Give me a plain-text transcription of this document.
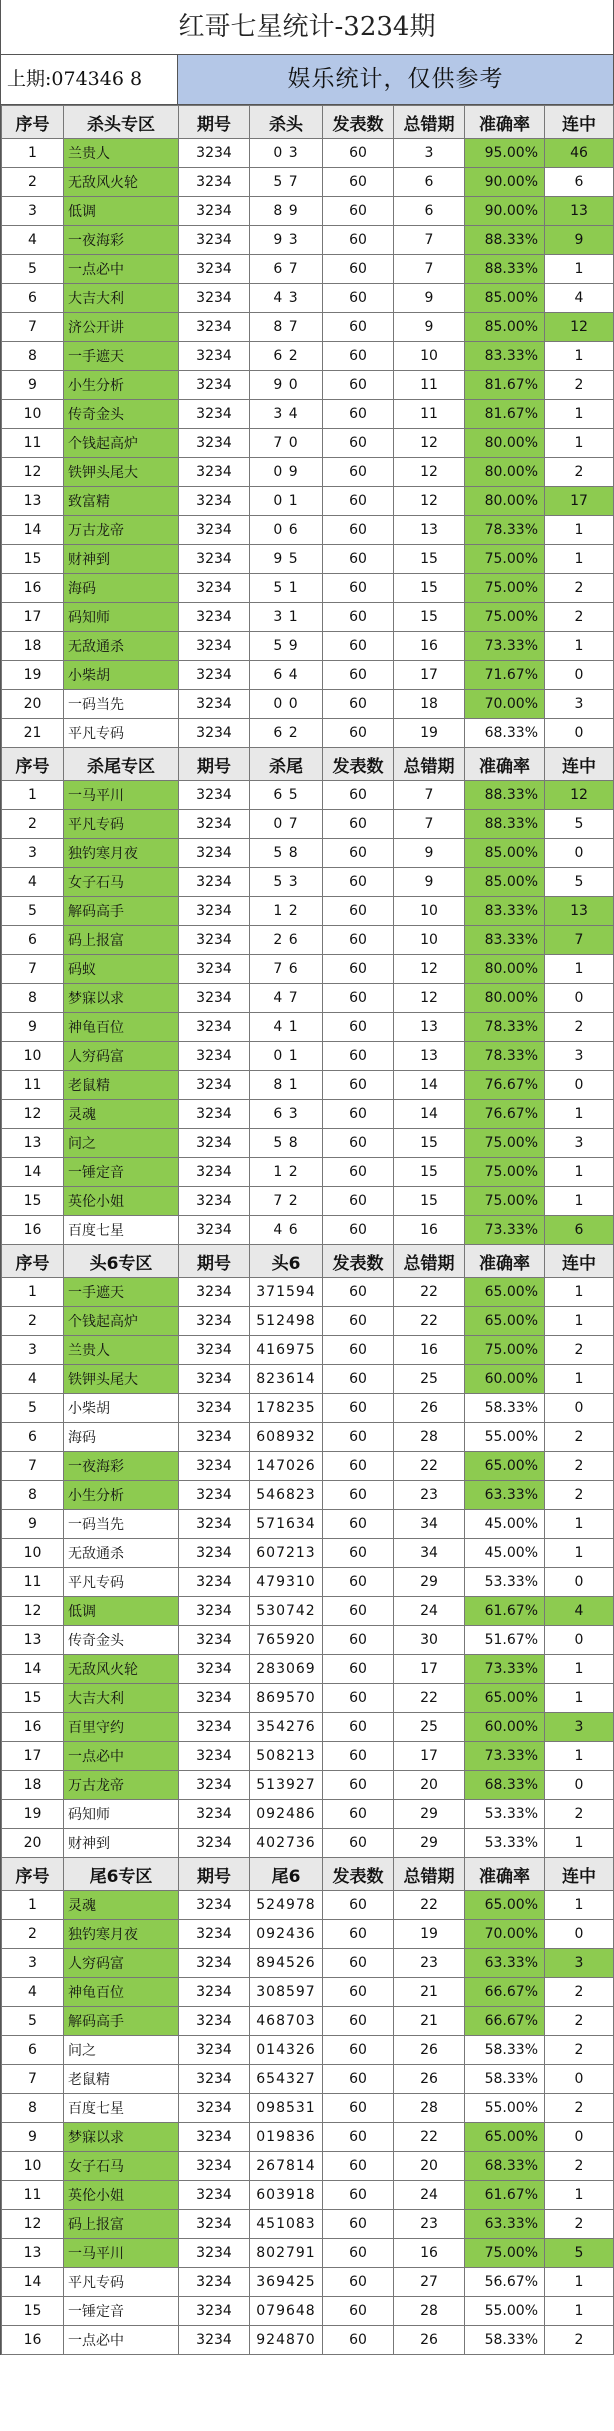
红哥七星统计-3234期
上期:074346 8	娱乐统计，仅供参考
序号	杀头专区	期号	杀头	发表数	总错期	准确率	连中
1	兰贵人	3234	0 3	60	3	95.00%	46
2	无敌风火轮	3234	5 7	60	6	90.00%	6
3	低调	3234	8 9	60	6	90.00%	13
4	一夜海彩	3234	9 3	60	7	88.33%	9
5	一点必中	3234	6 7	60	7	88.33%	1
6	大吉大利	3234	4 3	60	9	85.00%	4
7	济公开讲	3234	8 7	60	9	85.00%	12
8	一手遮天	3234	6 2	60	10	83.33%	1
9	小生分析	3234	9 0	60	11	81.67%	2
10	传奇金头	3234	3 4	60	11	81.67%	1
11	个钱起高炉	3234	7 0	60	12	80.00%	1
12	铁钾头尾大	3234	0 9	60	12	80.00%	2
13	致富精	3234	0 1	60	12	80.00%	17
14	万古龙帝	3234	0 6	60	13	78.33%	1
15	财神到	3234	9 5	60	15	75.00%	1
16	海码	3234	5 1	60	15	75.00%	2
17	码知师	3234	3 1	60	15	75.00%	2
18	无敌通杀	3234	5 9	60	16	73.33%	1
19	小柴胡	3234	6 4	60	17	71.67%	0
20	一码当先	3234	0 0	60	18	70.00%	3
21	平凡专码	3234	6 2	60	19	68.33%	0
序号	杀尾专区	期号	杀尾	发表数	总错期	准确率	连中
1	一马平川	3234	6 5	60	7	88.33%	12
2	平凡专码	3234	0 7	60	7	88.33%	5
3	独钓寒月夜	3234	5 8	60	9	85.00%	0
4	女子石马	3234	5 3	60	9	85.00%	5
5	解码高手	3234	1 2	60	10	83.33%	13
6	码上报富	3234	2 6	60	10	83.33%	7
7	码蚁	3234	7 6	60	12	80.00%	1
8	梦寐以求	3234	4 7	60	12	80.00%	0
9	神龟百位	3234	4 1	60	13	78.33%	2
10	人穷码富	3234	0 1	60	13	78.33%	3
11	老鼠精	3234	8 1	60	14	76.67%	0
12	灵魂	3234	6 3	60	14	76.67%	1
13	问之	3234	5 8	60	15	75.00%	3
14	一锤定音	3234	1 2	60	15	75.00%	1
15	英伦小姐	3234	7 2	60	15	75.00%	1
16	百度七星	3234	4 6	60	16	73.33%	6
序号	头6专区	期号	头6	发表数	总错期	准确率	连中
1	一手遮天	3234	371594	60	22	65.00%	1
2	个钱起高炉	3234	512498	60	22	65.00%	1
3	兰贵人	3234	416975	60	16	75.00%	2
4	铁钾头尾大	3234	823614	60	25	60.00%	1
5	小柴胡	3234	178235	60	26	58.33%	0
6	海码	3234	608932	60	28	55.00%	2
7	一夜海彩	3234	147026	60	22	65.00%	2
8	小生分析	3234	546823	60	23	63.33%	2
9	一码当先	3234	571634	60	34	45.00%	1
10	无敌通杀	3234	607213	60	34	45.00%	1
11	平凡专码	3234	479310	60	29	53.33%	0
12	低调	3234	530742	60	24	61.67%	4
13	传奇金头	3234	765920	60	30	51.67%	0
14	无敌风火轮	3234	283069	60	17	73.33%	1
15	大吉大利	3234	869570	60	22	65.00%	1
16	百里守约	3234	354276	60	25	60.00%	3
17	一点必中	3234	508213	60	17	73.33%	1
18	万古龙帝	3234	513927	60	20	68.33%	0
19	码知师	3234	092486	60	29	53.33%	2
20	财神到	3234	402736	60	29	53.33%	1
序号	尾6专区	期号	尾6	发表数	总错期	准确率	连中
1	灵魂	3234	524978	60	22	65.00%	1
2	独钓寒月夜	3234	092436	60	19	70.00%	0
3	人穷码富	3234	894526	60	23	63.33%	3
4	神龟百位	3234	308597	60	21	66.67%	2
5	解码高手	3234	468703	60	21	66.67%	2
6	问之	3234	014326	60	26	58.33%	2
7	老鼠精	3234	654327	60	26	58.33%	0
8	百度七星	3234	098531	60	28	55.00%	2
9	梦寐以求	3234	019836	60	22	65.00%	0
10	女子石马	3234	267814	60	20	68.33%	2
11	英伦小姐	3234	603918	60	24	61.67%	1
12	码上报富	3234	451083	60	23	63.33%	2
13	一马平川	3234	802791	60	16	75.00%	5
14	平凡专码	3234	369425	60	27	56.67%	1
15	一锤定音	3234	079648	60	28	55.00%	1
16	一点必中	3234	924870	60	26	58.33%	2
